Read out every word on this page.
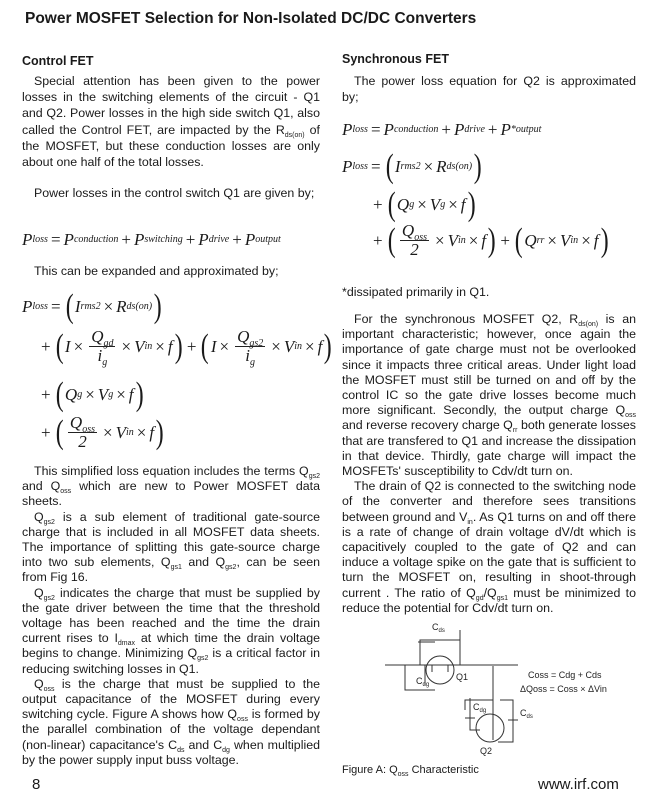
Power MOSFET Selection for Non-Isolated DC/DC Converters
Control FET

Special attention has been given to the power losses in the switching elements of the circuit - Q1 and Q2. Power losses in the high side switch Q1, also called the Control FET, are impacted by the $R_{ds(on)}$ of the MOSFET, but these conduction losses are only about one half of the total losses.

Power losses in the control switch Q1 are given by;

P loss = P conduction + P switching + P drive + P output

This can be expanded and approximated by;

P loss = ( I rms 2 × R ds(on) )
+ ( $I \times \frac{Q_{gd}}{i_g} \times V$ in × f ) + ( $I \times \frac{Q_{gs2}}{i_g} \times V$ in × f )
+ ( Q g × V g × f )
+ ( $\frac{Q_{oss}}{2} \times V$ in × f )

This simplified loss equation includes the terms $Q_{gs2}$ and $Q_{oss}$ which are new to Power MOSFET data sheets.

$Q_{gs2}$ is a sub element of traditional gate-source charge that is included in all MOSFET data sheets. The importance of splitting this gate-source charge into two sub elements, $Q_{gs1}$ and $Q_{gs2}$, can be seen from Fig 16.

$Q_{gs2}$ indicates the charge that must be supplied by the gate driver between the time that the threshold voltage has been reached and the time the drain current rises to $I_{dmax}$ at which time the drain voltage begins to change. Minimizing $Q_{gs2}$ is a critical factor in reducing switching losses in Q1.

$Q_{oss}$ is the charge that must be supplied to the output capacitance of the MOSFET during every switching cycle. Figure A shows how $Q_{oss}$ is formed by the parallel combination of the voltage dependant (non-linear) capacitance's $C_{ds}$ and $C_{dg}$ when multiplied by the power supply input buss voltage.

Synchronous FET

The power loss equation for Q2 is approximated by;

P loss = P conduction + P drive + P * output
P loss = ( I rms 2 × R ds(on) )
+ ( Q g × V g × f )
+ ( $\frac{Q_{oss}}{2} \times V$ in × f ) + ( Q rr × V in × f )

*dissipated primarily in Q1.

For the synchronous MOSFET Q2, $R_{ds(on)}$ is an important characteristic; however, once again the importance of gate charge must not be overlooked since it impacts three critical areas. Under light load the MOSFET must still be turned on and off by the control IC so the gate drive losses become much more significant. Secondly, the output charge $Q_{oss}$ and reverse recovery charge $Q_{rr}$ both generate losses that are transfered to Q1 and increase the dissipation in that device. Thirdly, gate charge will impact the MOSFETs' susceptibility to Cdv/dt turn on.

The drain of Q2 is connected to the switching node of the converter and therefore sees transitions between ground and $V_{in}$. As Q1 turns on and off there is a rate of change of drain voltage dV/dt which is capacitively coupled to the gate of Q2 and can induce a voltage spike on the gate that is sufficient to turn the MOSFET on, resulting in shoot-through current . The ratio of $Q_{gd}/Q_{gs1}$ must be minimized to reduce the potential for Cdv/dt turn on.

$C_{ds}$
$C_{dg}$
Q1
$C_{dg}$	$C_{ds}$
Q2
Coss = Cdg + Cds
ΔQoss = Coss × ΔVin
Figure A: $Q_{oss}$ Characteristic
8	www.irf.com
